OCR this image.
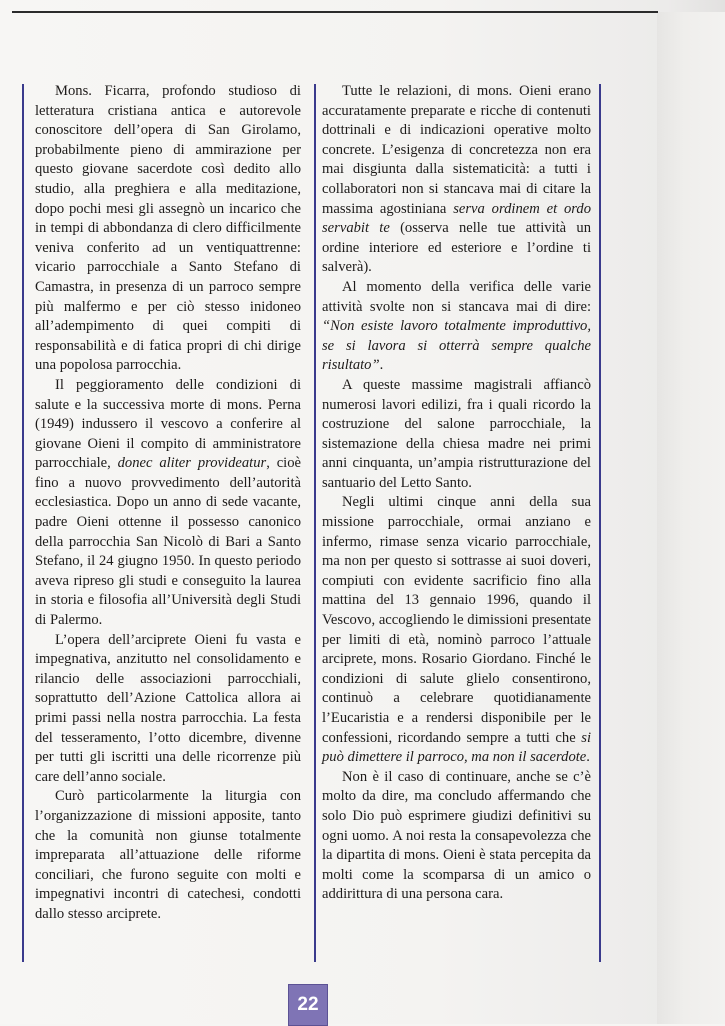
Mons. Ficarra, profondo studioso di letteratura cristiana antica e autorevole conoscitore dell’opera di San Girolamo, probabilmente pieno di ammirazione per questo giovane sacerdote così dedito allo studio, alla preghiera e alla meditazione, dopo pochi mesi gli assegnò un incarico che in tempi di abbondanza di clero difficilmente veniva conferito ad un ventiquattrenne: vicario parrocchiale a Santo Stefano di Camastra, in presenza di un parroco sempre più malfermo e per ciò stesso inidoneo all’adempimento di quei compiti di responsabilità e di fatica propri di chi dirige una popolosa parrocchia.

Il peggioramento delle condizioni di salute e la successiva morte di mons. Perna (1949) indussero il vescovo a conferire al giovane Oieni il compito di amministratore parrocchiale, donec aliter provideatur, cioè fino a nuovo provvedimento dell’autorità ecclesiastica. Dopo un anno di sede vacante, padre Oieni ottenne il possesso canonico della parrocchia San Nicolò di Bari a Santo Stefano, il 24 giugno 1950. In questo periodo aveva ripreso gli studi e conseguito la laurea in storia e filosofia all’Università degli Studi di Palermo.

L’opera dell’arciprete Oieni fu vasta e impegnativa, anzitutto nel consolidamento e rilancio delle associazioni parrocchiali, soprattutto dell’Azione Cattolica allora ai primi passi nella nostra parrocchia. La festa del tesseramento, l’otto dicembre, divenne per tutti gli iscritti una delle ricorrenze più care dell’anno sociale.

Curò particolarmente la liturgia con l’organizzazione di missioni apposite, tanto che la comunità non giunse totalmente impreparata all’attuazione delle riforme conciliari, che furono seguite con molti e impegnativi incontri di catechesi, condotti dallo stesso arciprete.

Tutte le relazioni, di mons. Oieni erano accuratamente preparate e ricche di contenuti dottrinali e di indicazioni operative molto concrete. L’esigenza di concretezza non era mai disgiunta dalla sistematicità: a tutti i collaboratori non si stancava mai di citare la massima agostiniana serva ordinem et ordo servabit te (osserva nelle tue attività un ordine interiore ed esteriore e l’ordine ti salverà).

Al momento della verifica delle varie attività svolte non si stancava mai di dire: “Non esiste lavoro totalmente improduttivo, se si lavora si otterrà sempre qualche risultato”.

A queste massime magistrali affiancò numerosi lavori edilizi, fra i quali ricordo la costruzione del salone parrocchiale, la sistemazione della chiesa madre nei primi anni cinquanta, un’ampia ristrutturazione del santuario del Letto Santo.

Negli ultimi cinque anni della sua missione parrocchiale, ormai anziano e infermo, rimase senza vicario parrocchiale, ma non per questo si sottrasse ai suoi doveri, compiuti con evidente sacrificio fino alla mattina del 13 gennaio 1996, quando il Vescovo, accogliendo le dimissioni presentate per limiti di età, nominò parroco l’attuale arciprete, mons. Rosario Giordano. Finché le condizioni di salute glielo consentirono, continuò a celebrare quotidianamente l’Eucaristia e a rendersi disponibile per le confessioni, ricordando sempre a tutti che si può dimettere il parroco, ma non il sacerdote.

Non è il caso di continuare, anche se c’è molto da dire, ma concludo affermando che solo Dio può esprimere giudizi definitivi su ogni uomo. A noi resta la consapevolezza che la dipartita di mons. Oieni è stata percepita da molti come la scomparsa di un amico o addirittura di una persona cara.

22
